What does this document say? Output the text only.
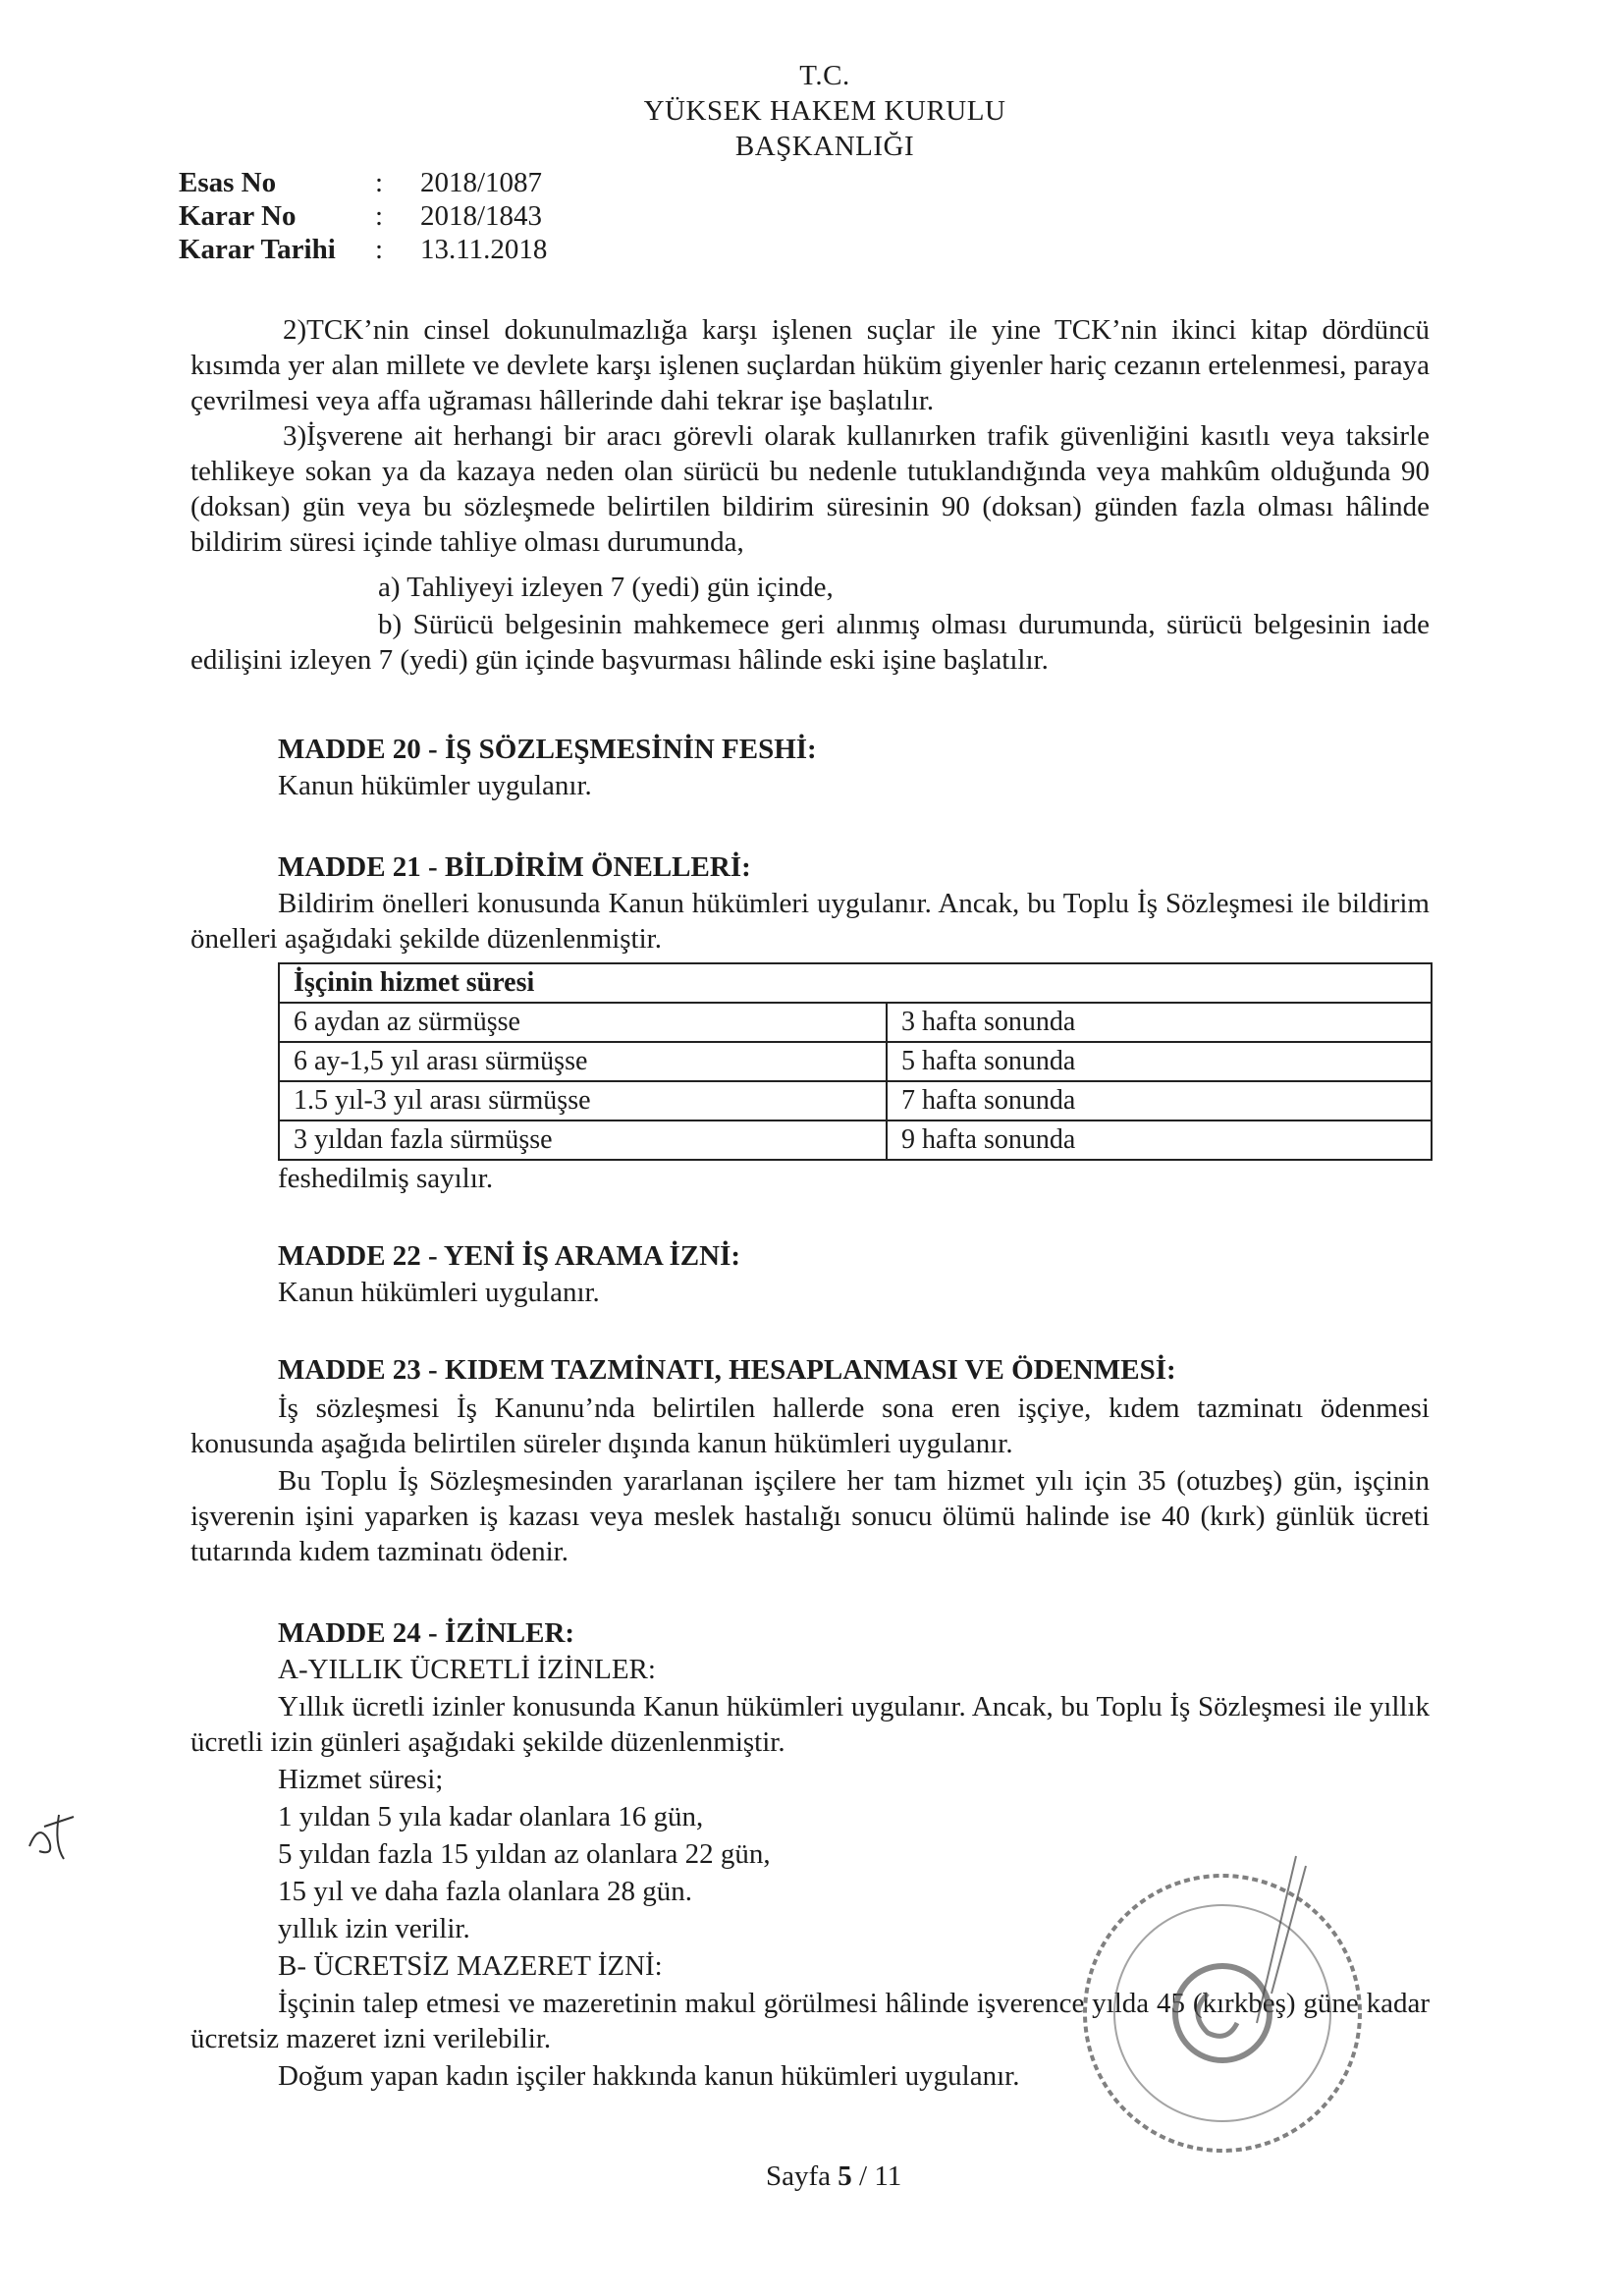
T.C.
YÜKSEK HAKEM KURULU
BAŞKANLIĞI
Esas No	: 2018/1087
Karar No	: 2018/1843
Karar Tarihi : 13.11.2018
2)TCK’nin cinsel dokunulmazlığa karşı işlenen suçlar ile yine TCK’nin ikinci kitap dördüncü kısımda yer alan millete ve devlete karşı işlenen suçlardan hüküm giyenler hariç cezanın ertelenmesi, paraya çevrilmesi veya affa uğraması hâllerinde dahi tekrar işe başlatılır.
3)İşverene ait herhangi bir aracı görevli olarak kullanırken trafik güvenliğini kasıtlı veya taksirle tehlikeye sokan ya da kazaya neden olan sürücü bu nedenle tutuklandığında veya mahkûm olduğunda 90 (doksan) gün veya bu sözleşmede belirtilen bildirim süresinin 90 (doksan) günden fazla olması hâlinde bildirim süresi içinde tahliye olması durumunda,
a) Tahliyeyi izleyen 7 (yedi) gün içinde,
b) Sürücü belgesinin mahkemece geri alınmış olması durumunda, sürücü belgesinin iade edilişini izleyen 7 (yedi) gün içinde başvurması hâlinde eski işine başlatılır.
MADDE 20 - İŞ SÖZLEŞMESİNİN FESHİ:
Kanun hükümler uygulanır.
MADDE 21 - BİLDİRİM ÖNELLERİ:
Bildirim önelleri konusunda Kanun hükümleri uygulanır. Ancak, bu Toplu İş Sözleşmesi ile bildirim önelleri aşağıdaki şekilde düzenlenmiştir.
İşçinin hizmet süresi	
6 aydan az sürmüşse	3 hafta sonunda
6 ay-1,5 yıl arası sürmüşse	5 hafta sonunda
1.5 yıl-3 yıl arası sürmüşse	7 hafta sonunda
3 yıldan fazla sürmüşse	9 hafta sonunda
feshedilmiş sayılır.
MADDE 22 - YENİ İŞ ARAMA İZNİ:
Kanun hükümleri uygulanır.
MADDE 23 - KIDEM TAZMİNATI, HESAPLANMASI VE ÖDENMESİ:
İş sözleşmesi İş Kanunu’nda belirtilen hallerde sona eren işçiye, kıdem tazminatı ödenmesi konusunda aşağıda belirtilen süreler dışında kanun hükümleri uygulanır.
Bu Toplu İş Sözleşmesinden yararlanan işçilere her tam hizmet yılı için 35 (otuzbeş) gün, işçinin işverenin işini yaparken iş kazası veya meslek hastalığı sonucu ölümü halinde ise 40 (kırk) günlük ücreti tutarında kıdem tazminatı ödenir.
MADDE 24 - İZİNLER:
A-YILLIK ÜCRETLİ İZİNLER:
Yıllık ücretli izinler konusunda Kanun hükümleri uygulanır. Ancak, bu Toplu İş Sözleşmesi ile yıllık ücretli izin günleri aşağıdaki şekilde düzenlenmiştir.
Hizmet süresi;
1 yıldan 5 yıla kadar olanlara 16 gün,
5 yıldan fazla 15 yıldan az olanlara 22 gün,
15 yıl ve daha fazla olanlara 28 gün.
yıllık izin verilir.
B- ÜCRETSİZ MAZERET İZNİ:
İşçinin talep etmesi ve mazeretinin makul görülmesi hâlinde işverence yılda 45 (kırkbeş) güne kadar ücretsiz mazeret izni verilebilir.
Doğum yapan kadın işçiler hakkında kanun hükümleri uygulanır.
Sayfa 5 / 11
